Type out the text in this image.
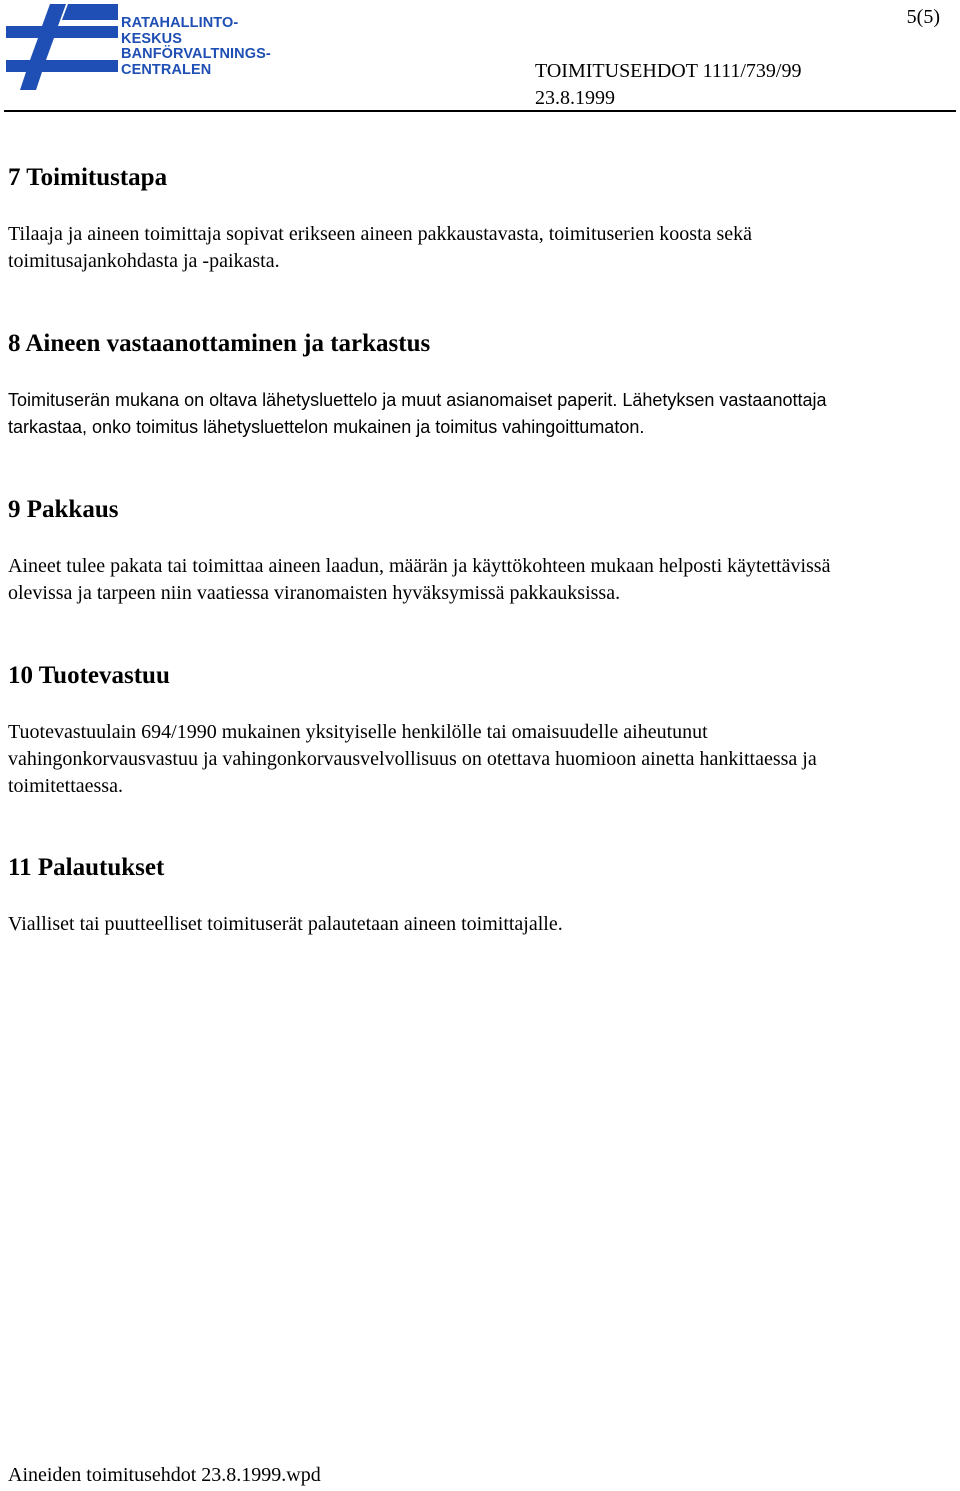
RATAHALLINTO-
KESKUS
BANFÖRVALTNINGS-
CENTRALEN
5(5)
TOIMITUSEHDOT 1111/739/99
23.8.1999
7 Toimitustapa

Tilaaja ja aineen toimittaja sopivat erikseen aineen pakkaustavasta, toimituserien koosta sekä

toimitusajankohdasta ja -paikasta.

8 Aineen vastaanottaminen ja tarkastus

Toimituserän mukana on oltava lähetysluettelo ja muut asianomaiset paperit. Lähetyksen vastaanottaja

tarkastaa, onko toimitus lähetysluettelon mukainen ja toimitus vahingoittumaton.

9 Pakkaus

Aineet tulee pakata tai toimittaa aineen laadun, määrän ja käyttökohteen mukaan helposti käytettävissä

olevissa ja tarpeen niin vaatiessa viranomaisten hyväksymissä pakkauksissa.

10 Tuotevastuu

Tuotevastuulain 694/1990 mukainen yksityiselle henkilölle tai omaisuudelle aiheutunut

vahingonkorvausvastuu ja vahingonkorvausvelvollisuus on otettava huomioon ainetta hankittaessa ja

toimitettaessa.

11 Palautukset

Vialliset tai puutteelliset toimituserät palautetaan aineen toimittajalle.

Aineiden toimitusehdot 23.8.1999.wpd
